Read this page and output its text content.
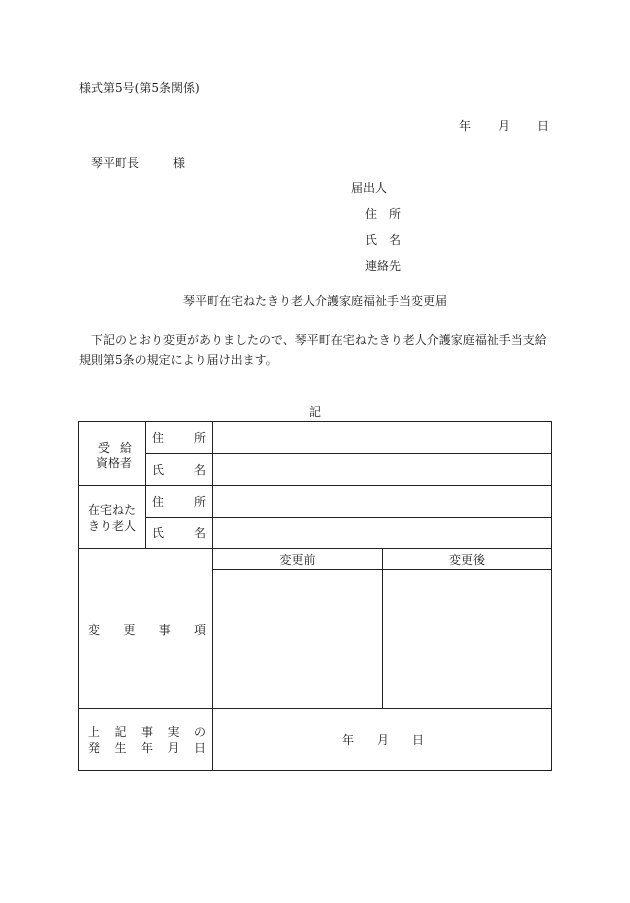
様式第5号(第5条関係)
年 月 日
琴平町長	様
届出人
住 所
氏 名
連絡先
琴平町在宅ねたきり老人介護家庭福祉手当変更届
下記のとおり変更がありましたので、琴平町在宅ねたきり老人介護家庭福祉手当支給規則第5条の規定により届け出ます。
記
受 給
資格者
住 所
氏 名
在宅ねた
きり老人
住 所
氏 名
変 更 事 項
変更前	変更後
上 記 事 実 の
発 生 年 月 日
年 月 日
